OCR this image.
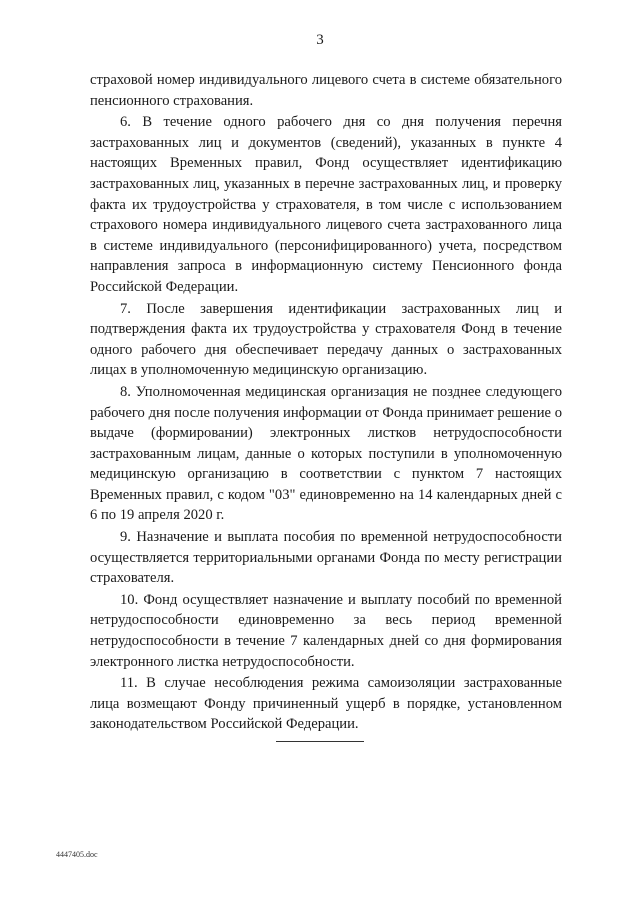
3

страховой номер индивидуального лицевого счета в системе обязательного пенсионного страхования.

6. В течение одного рабочего дня со дня получения перечня застрахованных лиц и документов (сведений), указанных в пункте 4 настоящих Временных правил, Фонд осуществляет идентификацию застрахованных лиц, указанных в перечне застрахованных лиц, и проверку факта их трудоустройства у страхователя, в том числе с использованием страхового номера индивидуального лицевого счета застрахованного лица в системе индивидуального (персонифицированного) учета, посредством направления запроса в информационную систему Пенсионного фонда Российской Федерации.

7. После завершения идентификации застрахованных лиц и подтверждения факта их трудоустройства у страхователя Фонд в течение одного рабочего дня обеспечивает передачу данных о застрахованных лицах в уполномоченную медицинскую организацию.

8. Уполномоченная медицинская организация не позднее следующего рабочего дня после получения информации от Фонда принимает решение о выдаче (формировании) электронных листков нетрудоспособности застрахованным лицам, данные о которых поступили в уполномоченную медицинскую организацию в соответствии с пунктом 7 настоящих Временных правил, с кодом "03" единовременно на 14 календарных дней с 6 по 19 апреля 2020 г.

9. Назначение и выплата пособия по временной нетрудоспособности осуществляется территориальными органами Фонда по месту регистрации страхователя.

10. Фонд осуществляет назначение и выплату пособий по временной нетрудоспособности единовременно за весь период временной нетрудоспособности в течение 7 календарных дней со дня формирования электронного листка нетрудоспособности.

11. В случае несоблюдения режима самоизоляции застрахованные лица возмещают Фонду причиненный ущерб в порядке, установленном законодательством Российской Федерации.

4447405.doc
